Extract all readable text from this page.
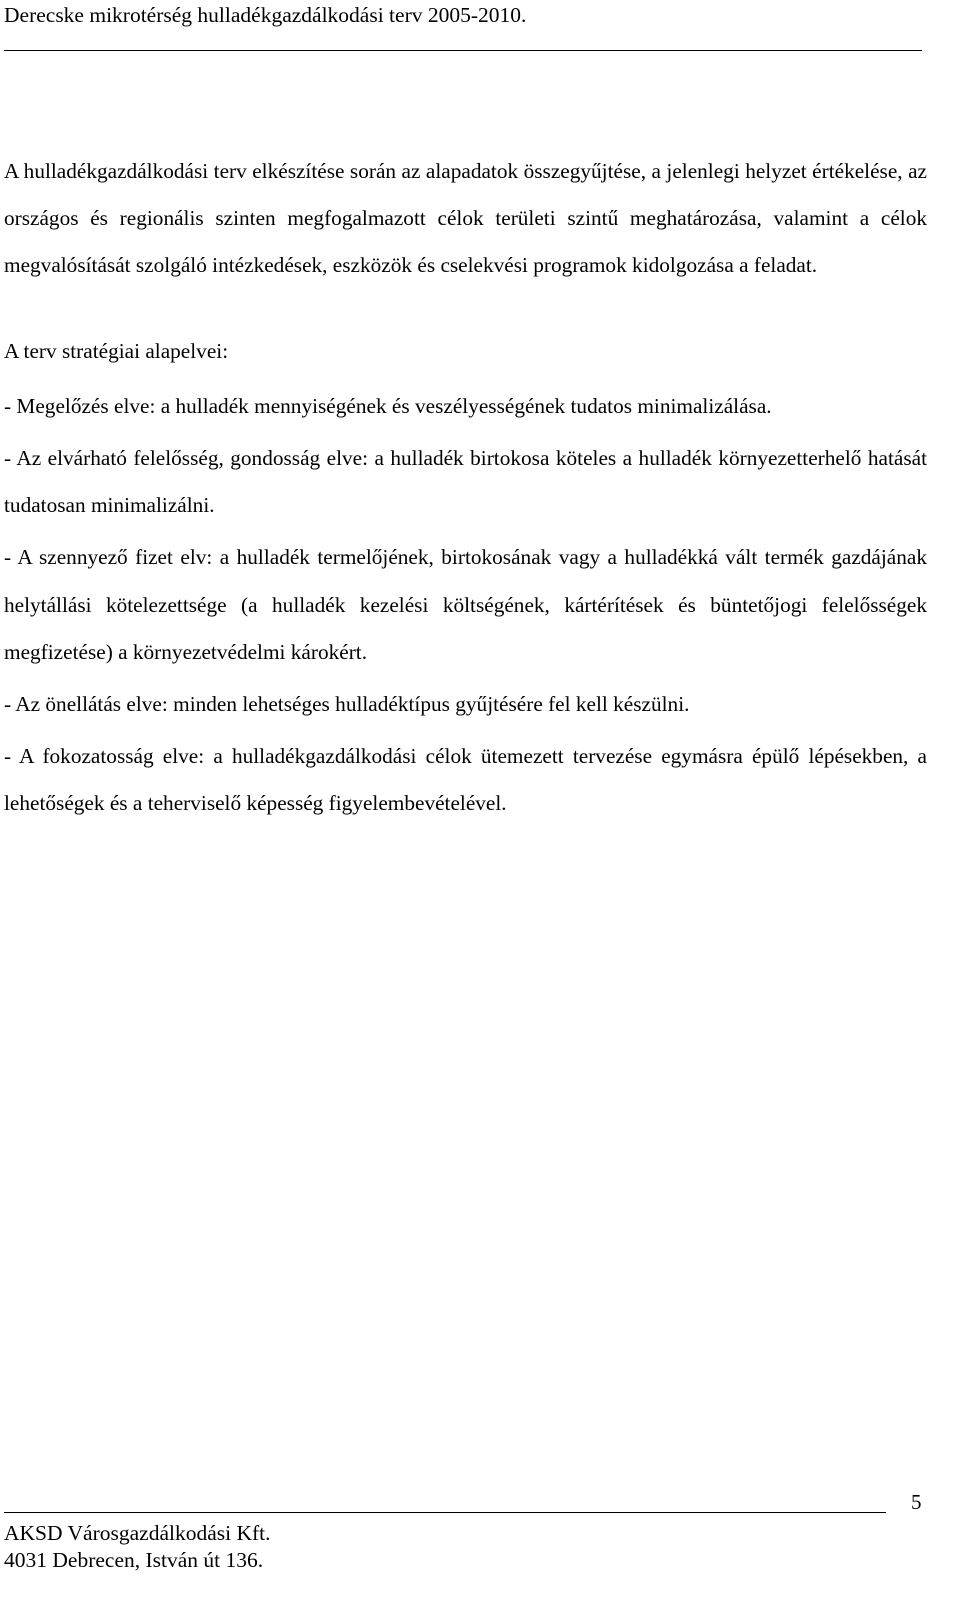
Derecske mikrotérség hulladékgazdálkodási terv 2005-2010.

A hulladékgazdálkodási terv elkészítése során az alapadatok összegyűjtése, a jelenlegi helyzet értékelése, az országos és regionális szinten megfogalmazott célok területi szintű meghatározása, valamint a célok megvalósítását szolgáló intézkedések, eszközök és cselekvési programok kidolgozása a feladat.

A terv stratégiai alapelvei:

- Megelőzés elve: a hulladék mennyiségének és veszélyességének tudatos minimalizálása.

- Az elvárható felelősség, gondosság elve: a hulladék birtokosa köteles a hulladék környezetterhelő hatását tudatosan minimalizálni.

- A szennyező fizet elv: a hulladék termelőjének, birtokosának vagy a hulladékká vált termék gazdájának helytállási kötelezettsége (a hulladék kezelési költségének, kártérítések és büntetőjogi felelősségek megfizetése) a környezetvédelmi károkért.

- Az önellátás elve: minden lehetséges hulladéktípus gyűjtésére fel kell készülni.

- A fokozatosság elve: a hulladékgazdálkodási célok ütemezett tervezése egymásra épülő lépésekben, a lehetőségek és a teherviselő képesség figyelembevételével.

5
AKSD Városgazdálkodási Kft.
4031 Debrecen, István út 136.
